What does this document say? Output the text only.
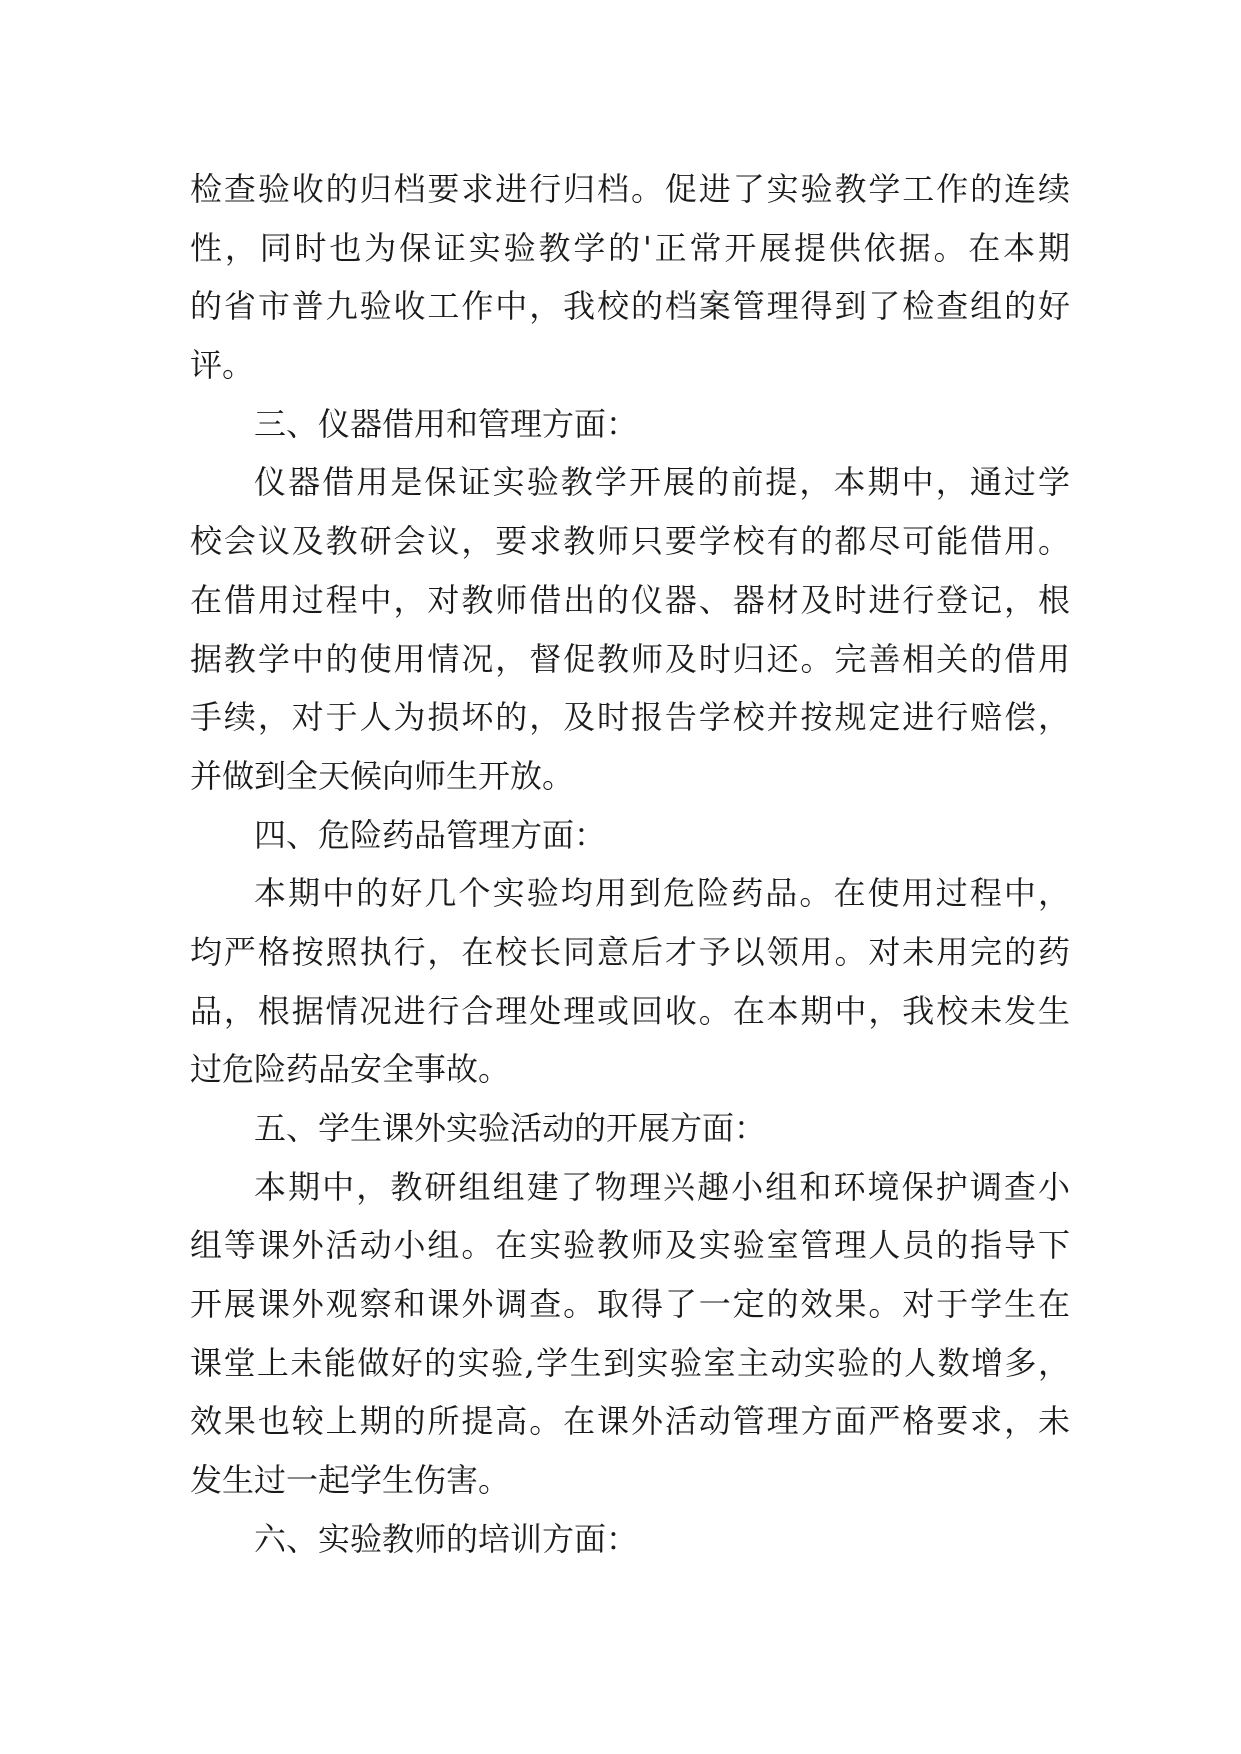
检查验收的归档要求进行归档。促进了实验教学工作的连续
性，同时也为保证实验教学的'正常开展提供依据。在本期
的省市普九验收工作中，我校的档案管理得到了检查组的好
评。
三、仪器借用和管理方面：
仪器借用是保证实验教学开展的前提，本期中，通过学
校会议及教研会议，要求教师只要学校有的都尽可能借用。
在借用过程中，对教师借出的仪器、器材及时进行登记，根
据教学中的使用情况，督促教师及时归还。完善相关的借用
手续，对于人为损坏的，及时报告学校并按规定进行赔偿，
并做到全天候向师生开放。
四、危险药品管理方面：
本期中的好几个实验均用到危险药品。在使用过程中，
均严格按照执行，在校长同意后才予以领用。对未用完的药
品，根据情况进行合理处理或回收。在本期中，我校未发生
过危险药品安全事故。
五、学生课外实验活动的开展方面：
本期中，教研组组建了物理兴趣小组和环境保护调查小
组等课外活动小组。在实验教师及实验室管理人员的指导下
开展课外观察和课外调查。取得了一定的效果。对于学生在
课堂上未能做好的实验,学生到实验室主动实验的人数增多，
效果也较上期的所提高。在课外活动管理方面严格要求，未
发生过一起学生伤害。
六、实验教师的培训方面：
